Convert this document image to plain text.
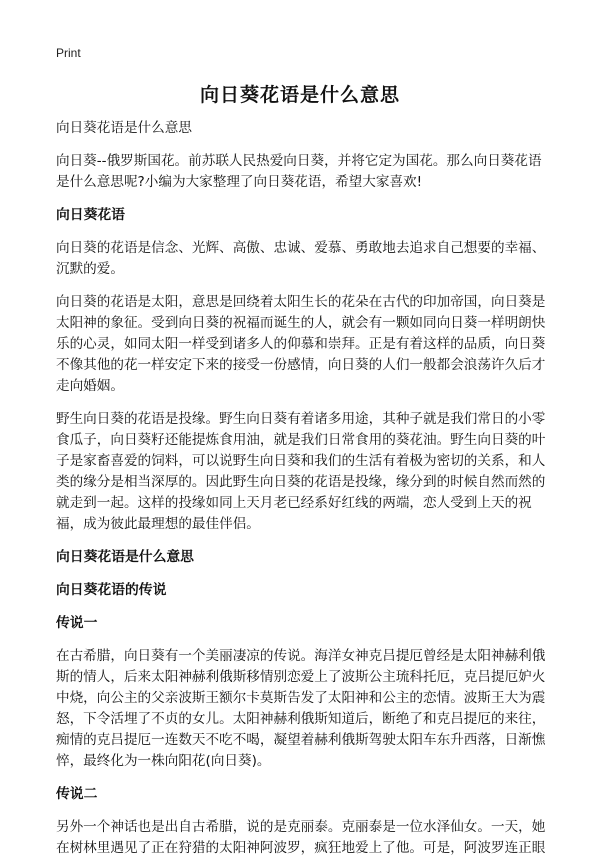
Print
向日葵花语是什么意思

向日葵花语是什么意思

向日葵--俄罗斯国花。前苏联人民热爱向日葵，并将它定为国花。那么向日葵花语是什么意思呢?小编为大家整理了向日葵花语，希望大家喜欢!

向日葵花语

向日葵的花语是信念、光辉、高傲、忠诚、爱慕、勇敢地去追求自己想要的幸福、沉默的爱。

向日葵的花语是太阳，意思是回绕着太阳生长的花朵在古代的印加帝国，向日葵是太阳神的象征。受到向日葵的祝福而诞生的人，就会有一颗如同向日葵一样明朗快乐的心灵，如同太阳一样受到诸多人的仰慕和崇拜。正是有着这样的品质，向日葵不像其他的花一样安定下来的接受一份感情，向日葵的人们一般都会浪荡许久后才走向婚姻。

野生向日葵的花语是投缘。野生向日葵有着诸多用途，其种子就是我们常日的小零食瓜子，向日葵籽还能提炼食用油，就是我们日常食用的葵花油。野生向日葵的叶子是家畜喜爱的饲料，可以说野生向日葵和我们的生活有着极为密切的关系，和人类的缘分是相当深厚的。因此野生向日葵的花语是投缘，缘分到的时候自然而然的就走到一起。这样的投缘如同上天月老已经系好红线的两端，恋人受到上天的祝福，成为彼此最理想的最佳伴侣。

向日葵花语是什么意思

向日葵花语的传说

传说一

在古希腊，向日葵有一个美丽凄凉的传说。海洋女神克吕提厄曾经是太阳神赫利俄斯的情人，后来太阳神赫利俄斯移情别恋爱上了波斯公主琉科托厄，克吕提厄妒火中烧，向公主的父亲波斯王额尔卡莫斯告发了太阳神和公主的恋情。波斯王大为震怒，下令活埋了不贞的女儿。太阳神赫利俄斯知道后，断绝了和克吕提厄的来往，痴情的克吕提厄一连数天不吃不喝，凝望着赫利俄斯驾驶太阳车东升西落，日渐憔悴，最终化为一株向阳花(向日葵)。

传说二

另外一个神话也是出自古希腊，说的是克丽泰。克丽泰是一位水泽仙女。一天，她在树林里遇见了正在狩猎的太阳神阿波罗，疯狂地爱上了他。可是，阿波罗连正眼
